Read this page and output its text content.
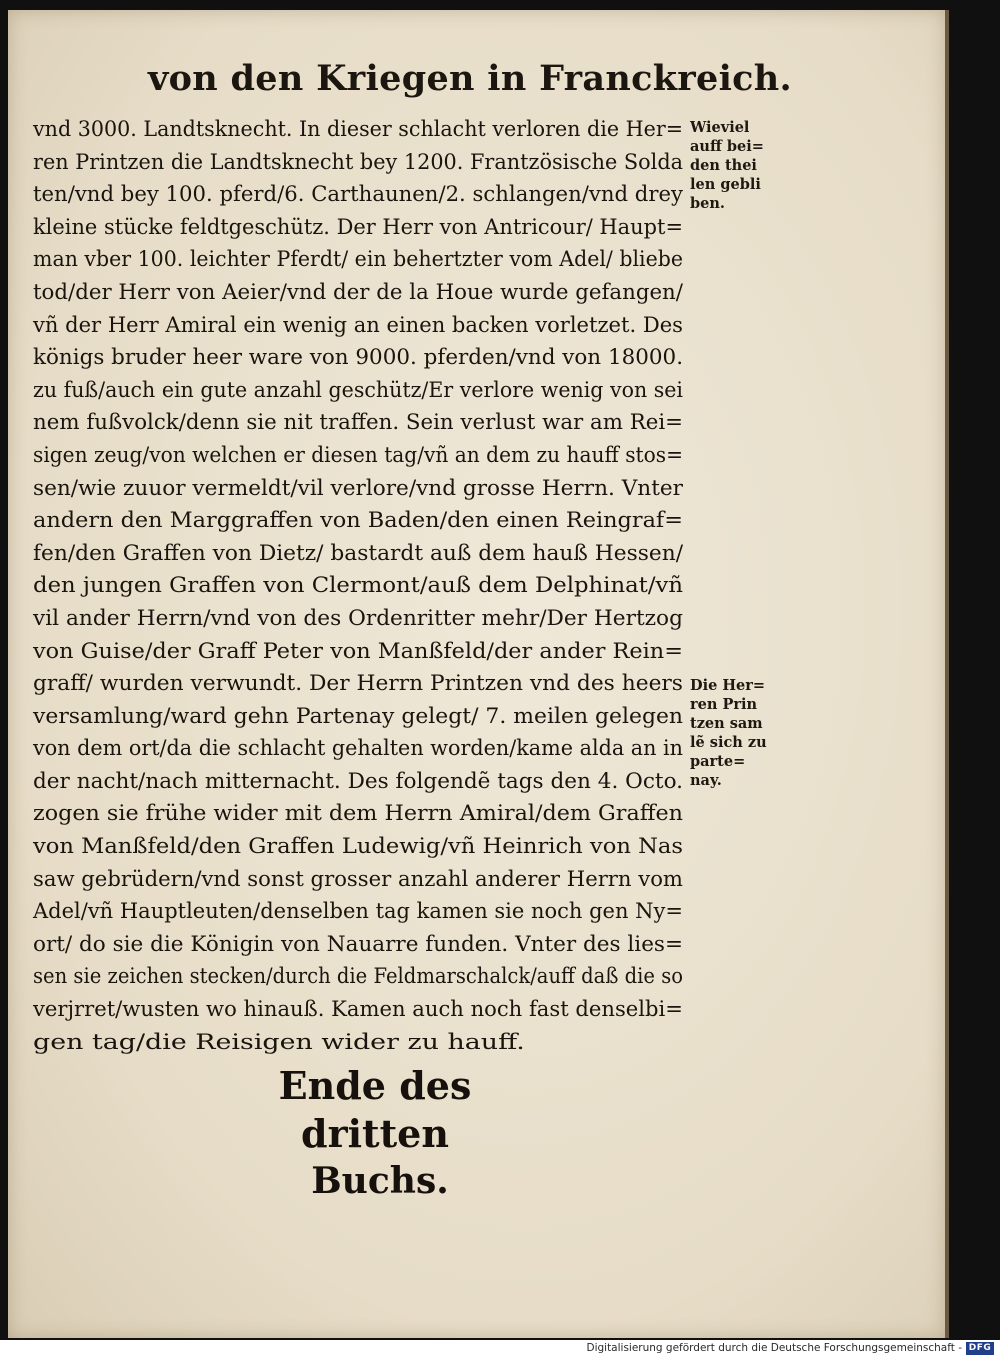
von den Kriegen in Franckreich.
vnd 3000. Landtsknecht. In dieser schlacht verloren die Her=
ren Printzen die Landtsknecht bey 1200. Frantzösische Solda
ten/vnd bey 100. pferd/6. Carthaunen/2. schlangen/vnd drey
kleine stücke feldtgeschütz. Der Herr von Antricour/ Haupt=
man vber 100. leichter Pferdt/ ein behertzter vom Adel/ bliebe
tod/der Herr von Aeier/vnd der de la Houe wurde gefangen/
vñ der Herr Amiral ein wenig an einen backen vorletzet. Des
königs bruder heer ware von 9000. pferden/vnd von 18000.
zu fuß/auch ein gute anzahl geschütz/Er verlore wenig von sei
nem fußvolck/denn sie nit traffen. Sein verlust war am Rei=
sigen zeug/von welchen er diesen tag/vñ an dem zu hauff stos=
sen/wie zuuor vermeldt/vil verlore/vnd grosse Herrn. Vnter
andern den Marggraffen von Baden/den einen Reingraf=
fen/den Graffen von Dietz/ bastardt auß dem hauß Hessen/
den jungen Graffen von Clermont/auß dem Delphinat/vñ
vil ander Herrn/vnd von des Ordenritter mehr/Der Hertzog
von Guise/der Graff Peter von Manßfeld/der ander Rein=
graff/ wurden verwundt. Der Herrn Printzen vnd des heers
versamlung/ward gehn Partenay gelegt/ 7. meilen gelegen
von dem ort/da die schlacht gehalten worden/kame alda an in
der nacht/nach mitternacht. Des folgendẽ tags den 4. Octo.
zogen sie frühe wider mit dem Herrn Amiral/dem Graffen
von Manßfeld/den Graffen Ludewig/vñ Heinrich von Nas
saw gebrüdern/vnd sonst grosser anzahl anderer Herrn vom
Adel/vñ Hauptleuten/denselben tag kamen sie noch gen Ny=
ort/ do sie die Königin von Nauarre funden. Vnter des lies=
sen sie zeichen stecken/durch die Feldmarschalck/auff daß die so
verjrret/wusten wo hinauß. Kamen auch noch fast denselbi=
gen tag/die Reisigen wider zu hauff.
Wieviel
auff bei=
den thei
len gebli
ben.
Die Her=
ren Prin
tzen sam
lẽ sich zu
parte=
nay.
Ende des dritten
Buchs.
Digitalisierung gefördert durch die Deutsche Forschungsgemeinschaft - DFG
